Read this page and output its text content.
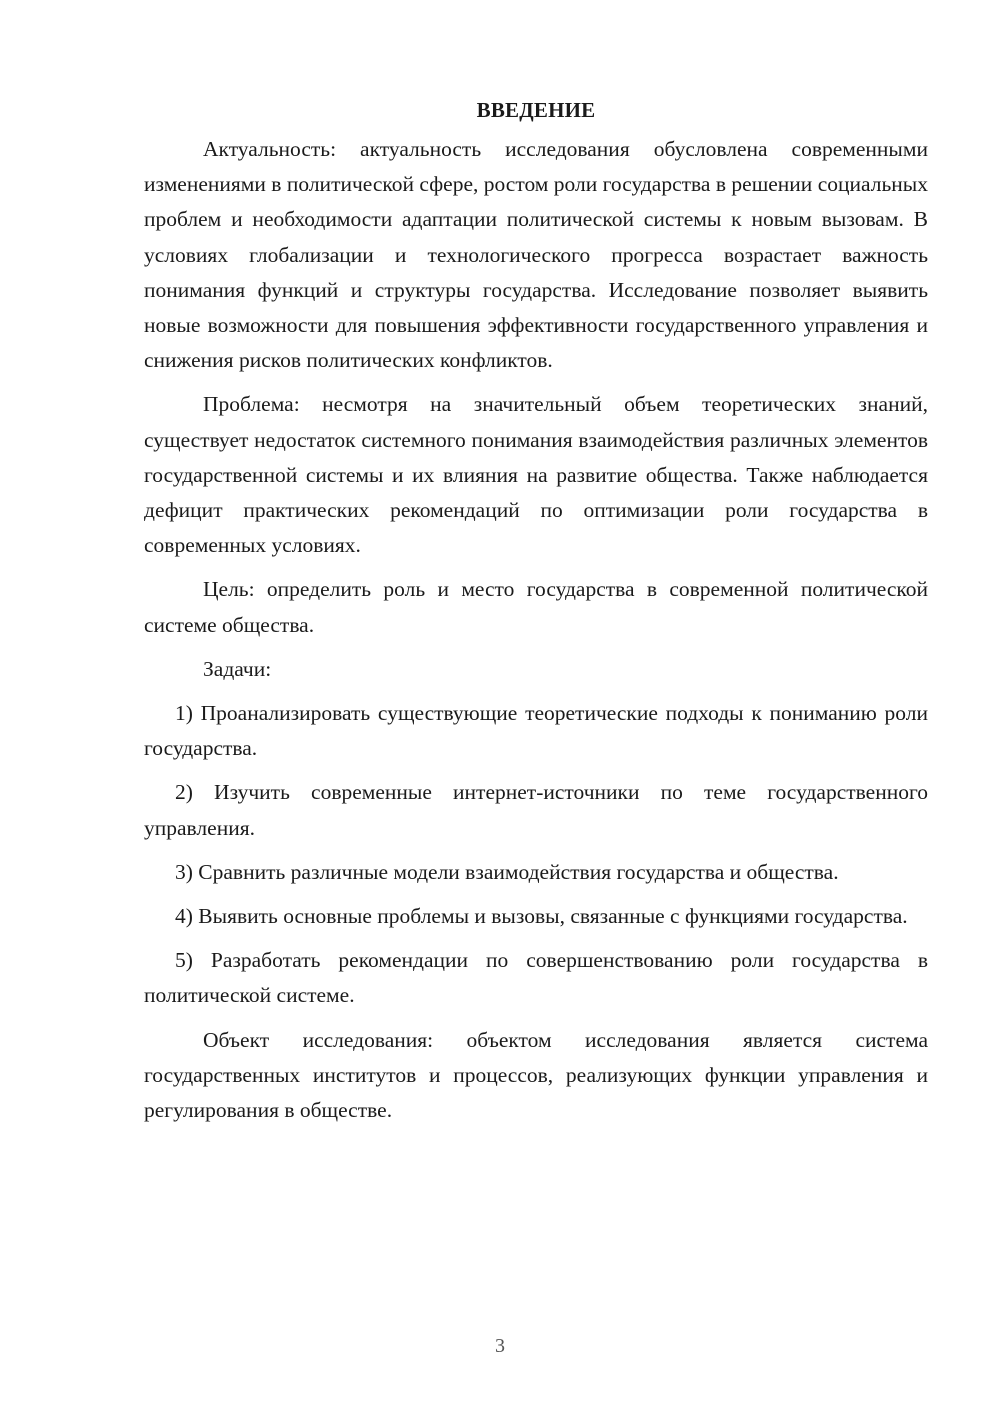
ВВЕДЕНИЕ

Актуальность: актуальность исследования обусловлена современными изменениями в политической сфере, ростом роли государства в решении социальных проблем и необходимости адаптации политической системы к новым вызовам. В условиях глобализации и технологического прогресса возрастает важность понимания функций и структуры государства. Исследование позволяет выявить новые возможности для повышения эффективности государственного управления и снижения рисков политических конфликтов.

Проблема: несмотря на значительный объем теоретических знаний, существует недостаток системного понимания взаимодействия различных элементов государственной системы и их влияния на развитие общества. Также наблюдается дефицит практических рекомендаций по оптимизации роли государства в современных условиях.

Цель: определить роль и место государства в современной политической системе общества.

Задачи:

1) Проанализировать существующие теоретические подходы к пониманию роли государства.

2) Изучить современные интернет-источники по теме государственного управления.

3) Сравнить различные модели взаимодействия государства и общества.

4) Выявить основные проблемы и вызовы, связанные с функциями государства.

5) Разработать рекомендации по совершенствованию роли государства в политической системе.

Объект исследования: объектом исследования является система государственных институтов и процессов, реализующих функции управления и регулирования в обществе.

3
